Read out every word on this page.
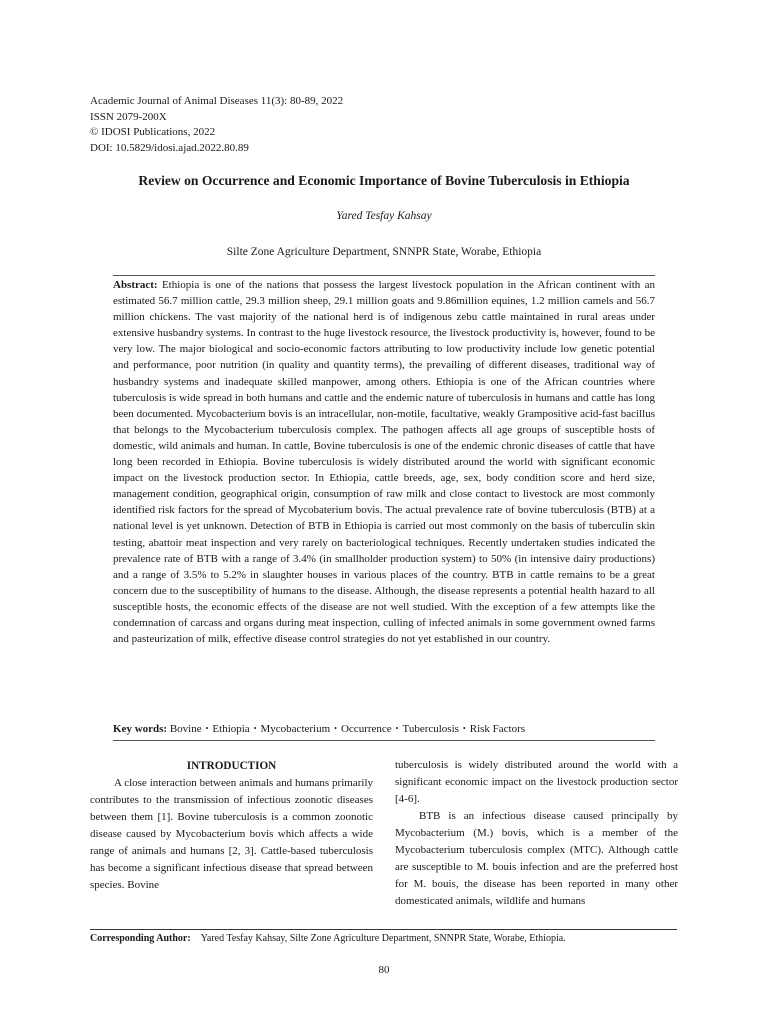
Academic Journal of Animal Diseases 11(3): 80-89, 2022
ISSN 2079-200X
© IDOSI Publications, 2022
DOI: 10.5829/idosi.ajad.2022.80.89
Review on Occurrence and Economic Importance of Bovine Tuberculosis in Ethiopia
Yared Tesfay Kahsay
Silte Zone Agriculture Department, SNNPR State, Worabe, Ethiopia

Abstract: Ethiopia is one of the nations that possess the largest livestock population in the African continent with an estimated 56.7 million cattle, 29.3 million sheep, 29.1 million goats and 9.86million equines, 1.2 million camels and 56.7 million chickens. The vast majority of the national herd is of indigenous zebu cattle maintained in rural areas under extensive husbandry systems. In contrast to the huge livestock resource, the livestock productivity is, however, found to be very low. The major biological and socio-economic factors attributing to low productivity include low genetic potential and performance, poor nutrition (in quality and quantity terms), the prevailing of different diseases, traditional way of husbandry systems and inadequate skilled manpower, among others. Ethiopia is one of the African countries where tuberculosis is wide spread in both humans and cattle and the endemic nature of tuberculosis in humans and cattle has long been documented. Mycobacterium bovis is an intracellular, non-motile, facultative, weakly Grampositive acid-fast bacillus that belongs to the Mycobacterium tuberculosis complex. The pathogen affects all age groups of susceptible hosts of domestic, wild animals and human. In cattle, Bovine tuberculosis is one of the endemic chronic diseases of cattle that have long been recorded in Ethiopia. Bovine tuberculosis is widely distributed around the world with significant economic impact on the livestock production sector. In Ethiopia, cattle breeds, age, sex, body condition score and herd size, management condition, geographical origin, consumption of raw milk and close contact to livestock are most commonly identified risk factors for the spread of Mycobaterium bovis. The actual prevalence rate of bovine tuberculosis (BTB) at a national level is yet unknown. Detection of BTB in Ethiopia is carried out most commonly on the basis of tuberculin skin testing, abattoir meat inspection and very rarely on bacteriological techniques. Recently undertaken studies indicated the prevalence rate of BTB with a range of 3.4% (in smallholder production system) to 50% (in intensive dairy productions) and a range of 3.5% to 5.2% in slaughter houses in various places of the country. BTB in cattle remains to be a great concern due to the susceptibility of humans to the disease. Although, the disease represents a potential health hazard to all susceptible hosts, the economic effects of the disease are not well studied. With the exception of a few attempts like the condemnation of carcass and organs during meat inspection, culling of infected animals in some government owned farms and pasteurization of milk, effective disease control strategies do not yet established in our country.

Key words: Bovine • Ethiopia • Mycobacterium • Occurrence • Tuberculosis • Risk Factors

INTRODUCTION

A close interaction between animals and humans primarily contributes to the transmission of infectious zoonotic diseases between them [1]. Bovine tuberculosis is a common zoonotic disease caused by Mycobacterium bovis which affects a wide range of animals and humans [2, 3]. Cattle-based tuberculosis has become a significant infectious disease that spread between species. Bovine

tuberculosis is widely distributed around the world with a significant economic impact on the livestock production sector [4-6].

BTB is an infectious disease caused principally by Mycobacterium (M.) bovis, which is a member of the Mycobacterium tuberculosis complex (MTC). Although cattle are susceptible to M. bouis infection and are the preferred host for M. bouis, the disease has been reported in many other domesticated animals, wildlife and humans

Corresponding Author: Yared Tesfay Kahsay, Silte Zone Agriculture Department, SNNPR State, Worabe, Ethiopia.
80
